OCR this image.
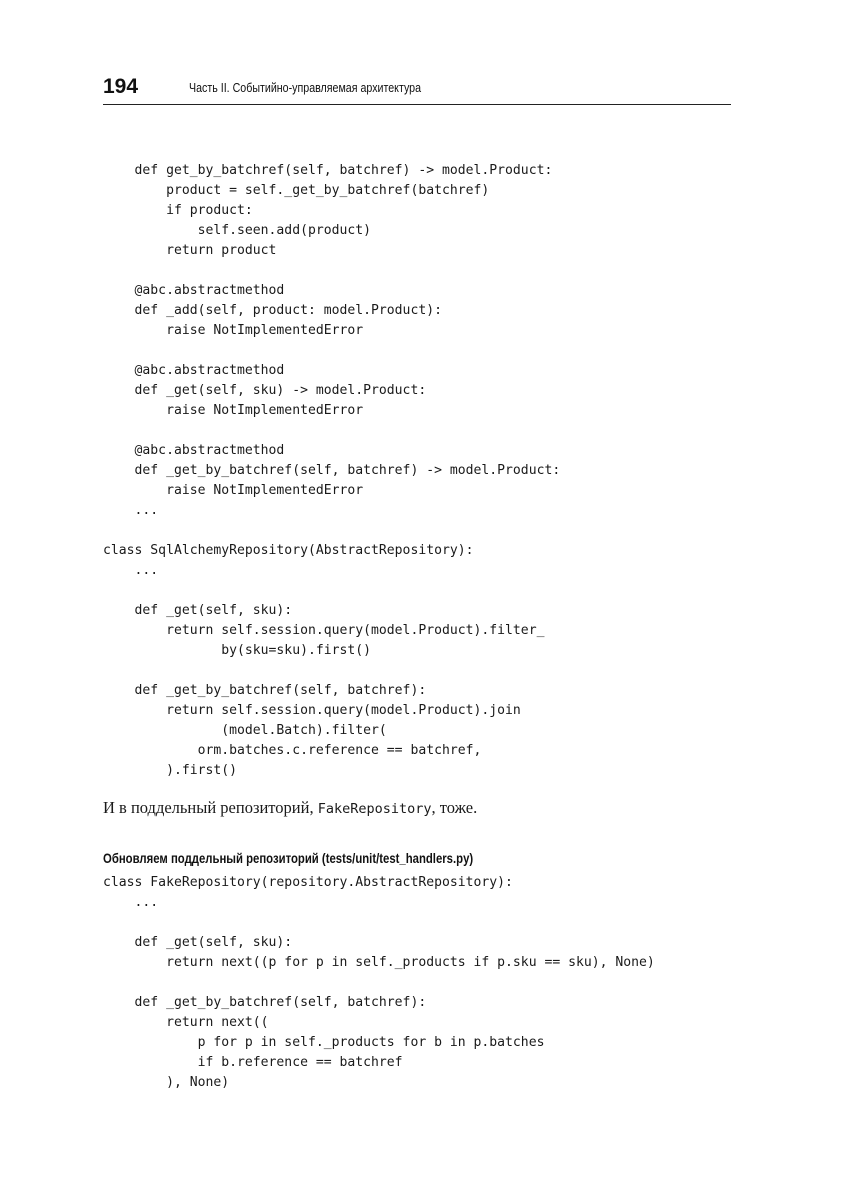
194	Часть II. Событийно-управляемая архитектура
def get_by_batchref(self, batchref) -> model.Product:
product = self._get_by_batchref(batchref)
if product:
self.seen.add(product)
return product

@abc.abstractmethod
def _add(self, product: model.Product):
raise NotImplementedError

@abc.abstractmethod
def _get(self, sku) -> model.Product:
raise NotImplementedError

@abc.abstractmethod
def _get_by_batchref(self, batchref) -> model.Product:
raise NotImplementedError
...

class SqlAlchemyRepository(AbstractRepository):
...

def _get(self, sku):
return self.session.query(model.Product).filter_
by(sku=sku).first()

def _get_by_batchref(self, batchref):
return self.session.query(model.Product).join
(model.Batch).filter(
orm.batches.c.reference == batchref,
).first()

И в поддельный репозиторий, FakeRepository, тоже.

Обновляем поддельный репозиторий (tests/unit/test_handlers.py)

class FakeRepository(repository.AbstractRepository):
...

def _get(self, sku):
return next((p for p in self._products if p.sku == sku), None)

def _get_by_batchref(self, batchref):
return next((
p for p in self._products for b in p.batches
if b.reference == batchref
), None)
